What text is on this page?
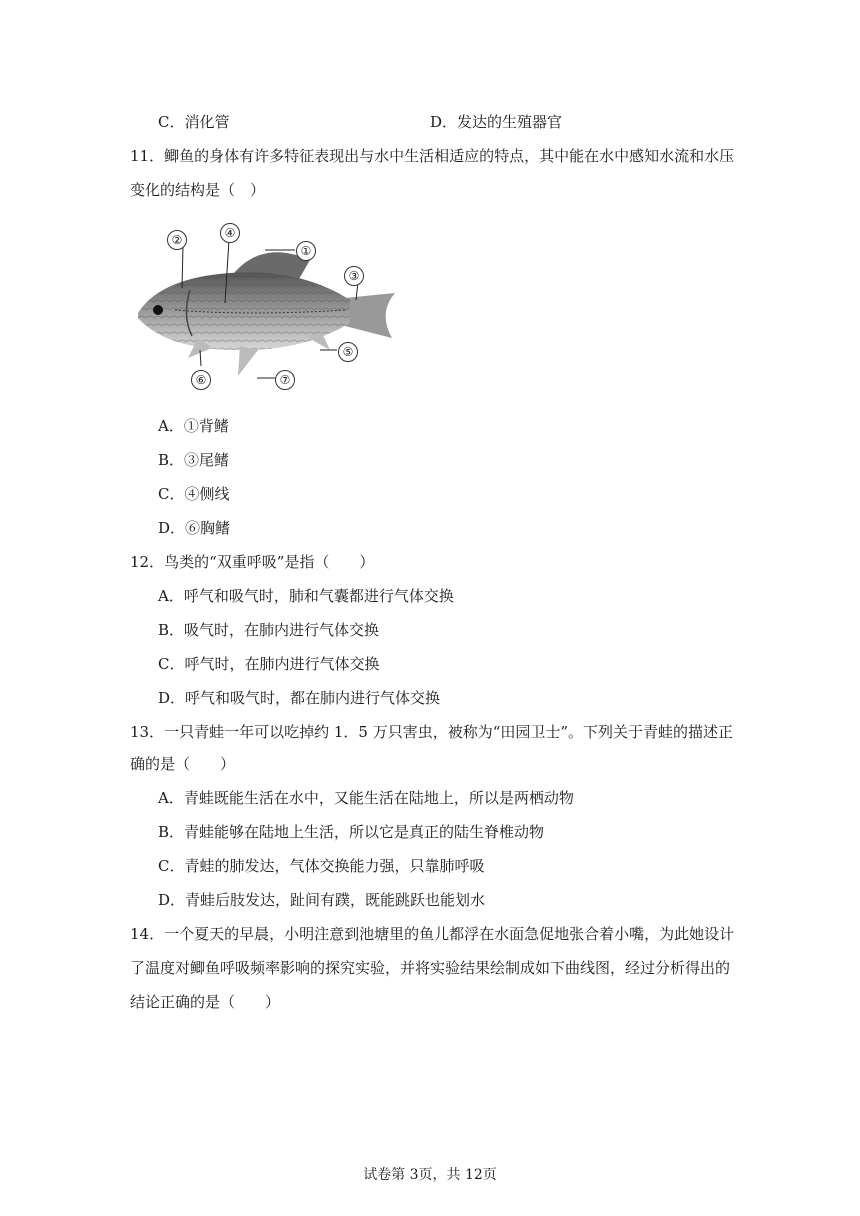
C．消化管	D．发达的生殖器官
11．鲫鱼的身体有许多特征表现出与水中生活相适应的特点，其中能在水中感知水流和水压
变化的结构是（　）
①
②
③
④
⑤
⑥	⑦
A．①背鳍
B．③尾鳍
C．④侧线
D．⑥胸鳍
12．鸟类的“双重呼吸”是指（　　）
A．呼气和吸气时，肺和气囊都进行气体交换
B．吸气时，在肺内进行气体交换
C．呼气时，在肺内进行气体交换
D．呼气和吸气时，都在肺内进行气体交换
13．一只青蛙一年可以吃掉约 1．5 万只害虫，被称为“田园卫士”。下列关于青蛙的描述正
确的是（　　）
A．青蛙既能生活在水中，又能生活在陆地上，所以是两栖动物
B．青蛙能够在陆地上生活，所以它是真正的陆生脊椎动物
C．青蛙的肺发达，气体交换能力强，只靠肺呼吸
D．青蛙后肢发达，趾间有蹼，既能跳跃也能划水
14．一个夏天的早晨，小明注意到池塘里的鱼儿都浮在水面急促地张合着小嘴，为此她设计
了温度对鲫鱼呼吸频率影响的探究实验，并将实验结果绘制成如下曲线图，经过分析得出的
结论正确的是（　　）
试卷第 3页，共 12页
